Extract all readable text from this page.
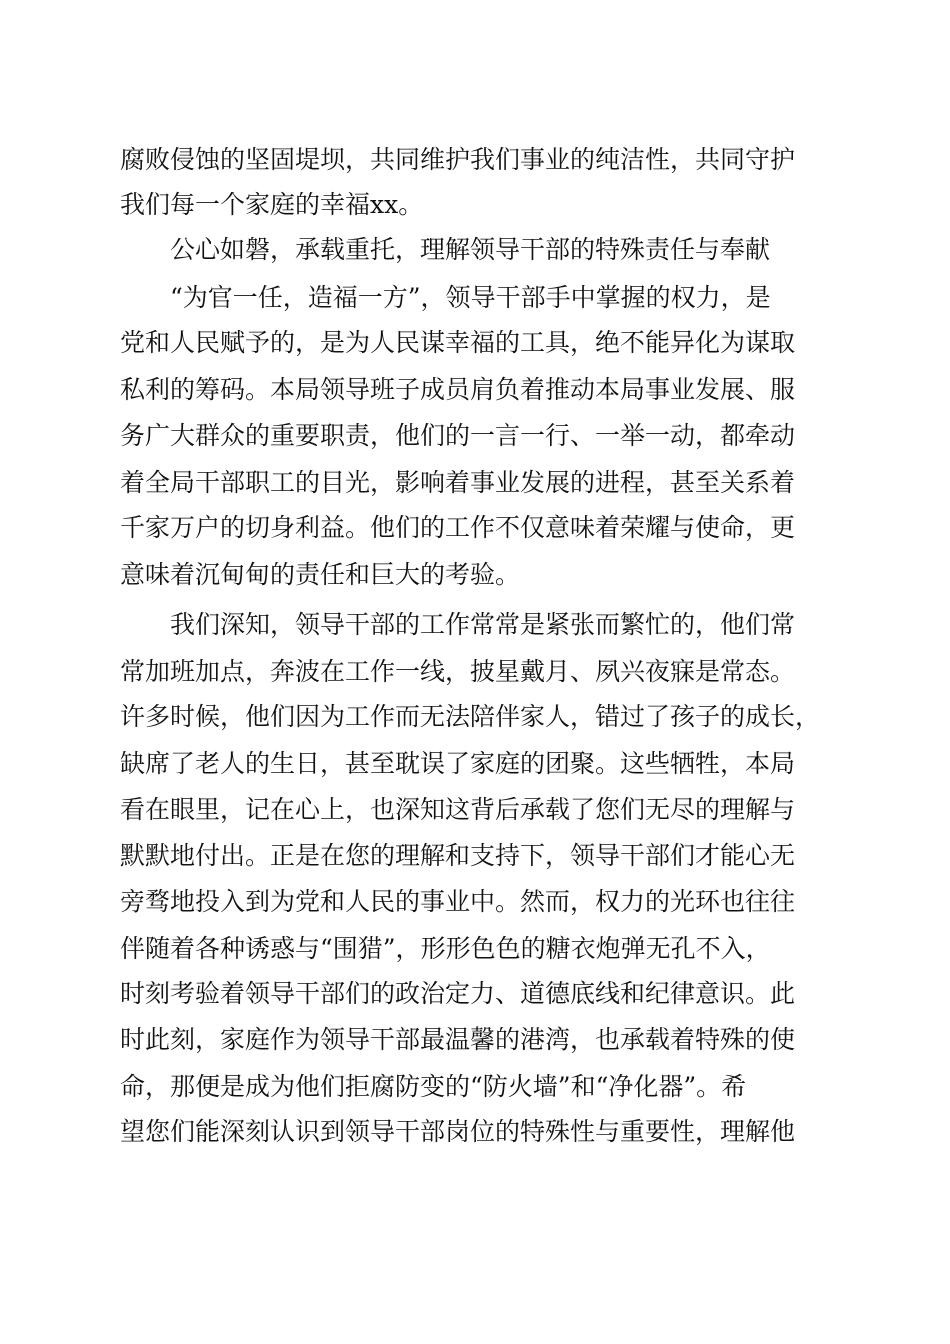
腐败侵蚀的坚固堤坝，共同维护我们事业的纯洁性，共同守护

我们每一个家庭的幸福xx。

公心如磐，承载重托，理解领导干部的特殊责任与奉献

“为官一任，造福一方”，领导干部手中掌握的权力，是

党和人民赋予的，是为人民谋幸福的工具，绝不能异化为谋取

私利的筹码。本局领导班子成员肩负着推动本局事业发展、服

务广大群众的重要职责，他们的一言一行、一举一动，都牵动

着全局干部职工的目光，影响着事业发展的进程，甚至关系着

千家万户的切身利益。他们的工作不仅意味着荣耀与使命，更

意味着沉甸甸的责任和巨大的考验。

我们深知，领导干部的工作常常是紧张而繁忙的，他们常

常加班加点，奔波在工作一线，披星戴月、夙兴夜寐是常态。

许多时候，他们因为工作而无法陪伴家人，错过了孩子的成长，

缺席了老人的生日，甚至耽误了家庭的团聚。这些牺牲，本局

看在眼里，记在心上，也深知这背后承载了您们无尽的理解与

默默地付出。正是在您的理解和支持下，领导干部们才能心无

旁骛地投入到为党和人民的事业中。然而，权力的光环也往往

伴随着各种诱惑与“围猎”，形形色色的糖衣炮弹无孔不入，

时刻考验着领导干部们的政治定力、道德底线和纪律意识。此

时此刻，家庭作为领导干部最温馨的港湾，也承载着特殊的使

命，那便是成为他们拒腐防变的“防火墙”和“净化器”。希

望您们能深刻认识到领导干部岗位的特殊性与重要性，理解他
